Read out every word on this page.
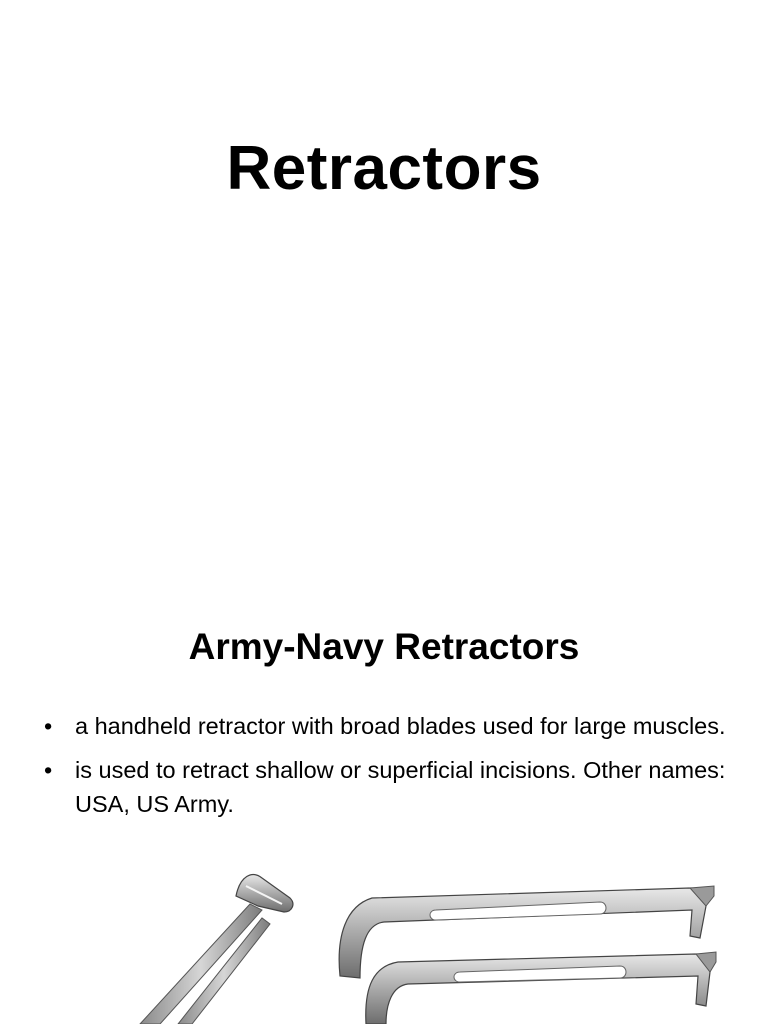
Retractors
Army-Navy Retractors
• a handheld retractor with broad blades used for large muscles.
• is used to retract shallow or superficial incisions. Other names: USA, US Army.
